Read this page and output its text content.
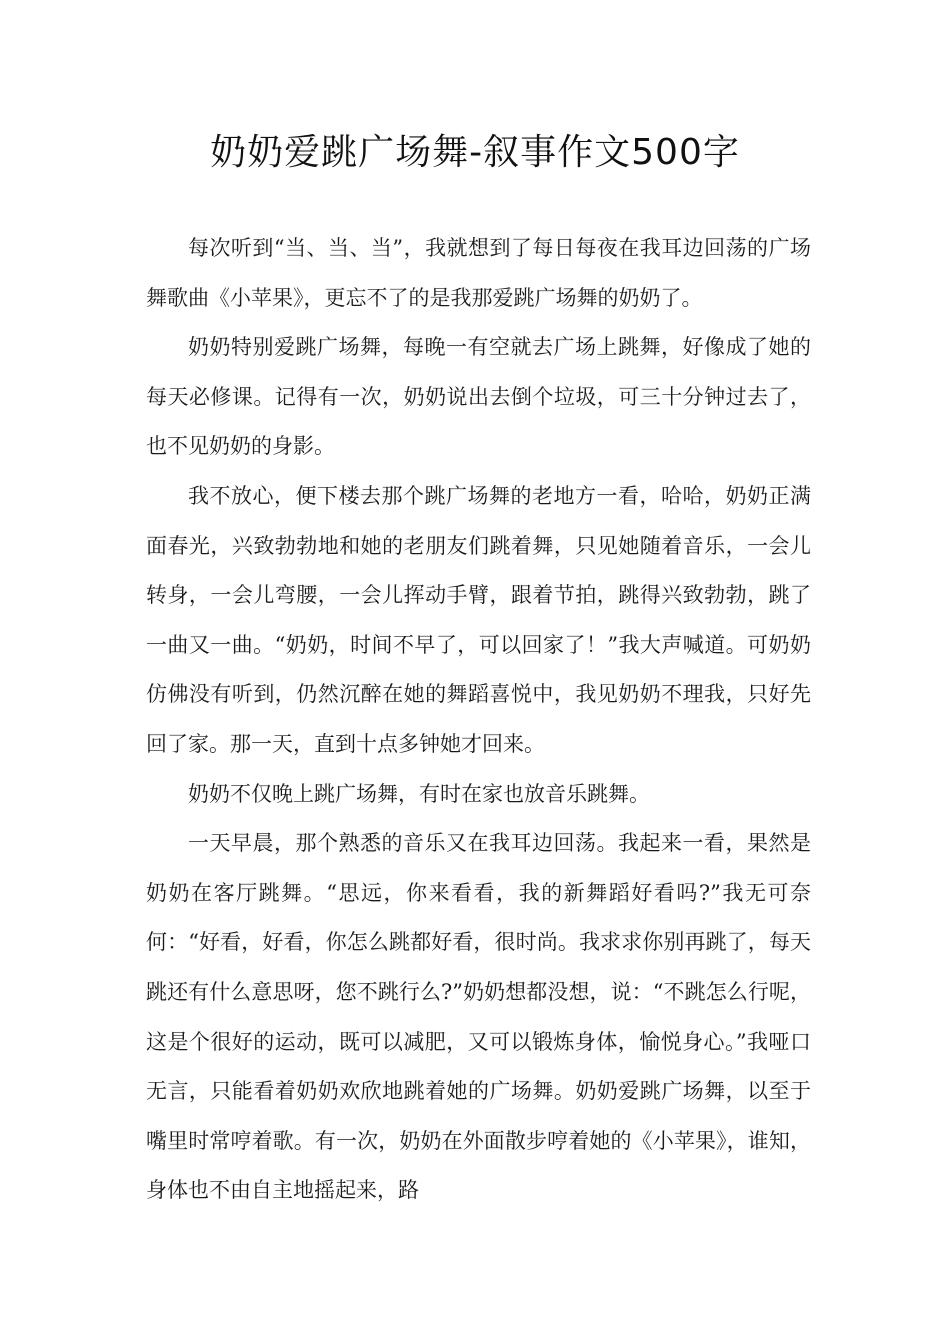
奶奶爱跳广场舞-叙事作文500字

每次听到“当、当、当”，我就想到了每日每夜在我耳边回荡的广场舞歌曲《小苹果》，更忘不了的是我那爱跳广场舞的奶奶了。

奶奶特别爱跳广场舞，每晚一有空就去广场上跳舞，好像成了她的每天必修课。记得有一次，奶奶说出去倒个垃圾，可三十分钟过去了，也不见奶奶的身影。

我不放心，便下楼去那个跳广场舞的老地方一看，哈哈，奶奶正满面春光，兴致勃勃地和她的老朋友们跳着舞，只见她随着音乐，一会儿转身，一会儿弯腰，一会儿挥动手臂，跟着节拍，跳得兴致勃勃，跳了一曲又一曲。“奶奶，时间不早了，可以回家了！”我大声喊道。可奶奶仿佛没有听到，仍然沉醉在她的舞蹈喜悦中，我见奶奶不理我，只好先回了家。那一天，直到十点多钟她才回来。

奶奶不仅晚上跳广场舞，有时在家也放音乐跳舞。

一天早晨，那个熟悉的音乐又在我耳边回荡。我起来一看，果然是奶奶在客厅跳舞。“思远，你来看看，我的新舞蹈好看吗?”我无可奈何：“好看，好看，你怎么跳都好看，很时尚。我求求你别再跳了，每天跳还有什么意思呀，您不跳行么?”奶奶想都没想，说：“不跳怎么行呢，这是个很好的运动，既可以减肥，又可以锻炼身体，愉悦身心。”我哑口无言，只能看着奶奶欢欣地跳着她的广场舞。奶奶爱跳广场舞，以至于嘴里时常哼着歌。有一次，奶奶在外面散步哼着她的《小苹果》，谁知，身体也不由自主地摇起来，路
